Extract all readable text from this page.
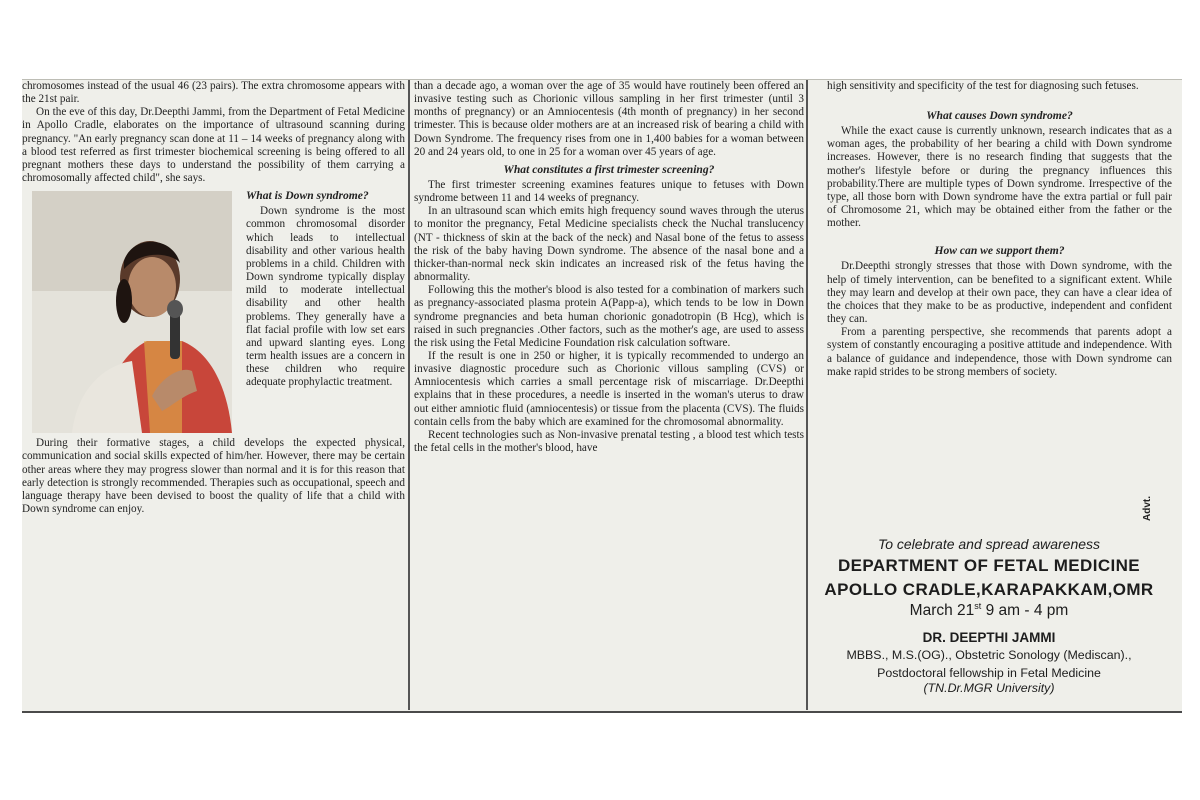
chromosomes instead of the usual 46 (23 pairs). The extra chromosome appears with the 21st pair.

On the eve of this day, Dr.Deepthi Jammi, from the Department of Fetal Medicine in Apollo Cradle, elaborates on the importance of ultrasound scanning during pregnancy. "An early pregnancy scan done at 11 – 14 weeks of pregnancy along with a blood test referred as first trimester biochemical screening is being offered to all pregnant mothers these days to understand the possibility of them carrying a chromosomally affected child", she says.

What is Down syndrome?

Down syndrome is the most common chromosomal disorder which leads to intellectual disability and other various health problems in a child. Children with Down syndrome typically display mild to moderate intellectual disability and other health problems. They generally have a flat facial profile with low set ears and upward slanting eyes. Long term health issues are a concern in these children who require adequate prophylactic treatment.

During their formative stages, a child develops the expected physical, communication and social skills expected of him/her. However, there may be certain other areas where they may progress slower than normal and it is for this reason that early detection is strongly recommended. Therapies such as occupational, speech and language therapy have been devised to boost the quality of life that a child with Down syndrome can enjoy.

than a decade ago, a woman over the age of 35 would have routinely been offered an invasive testing such as Chorionic villous sampling in her first trimester (until 3 months of pregnancy) or an Amniocentesis (4th month of pregnancy) in her second trimester. This is because older mothers are at an increased risk of bearing a child with Down Syndrome. The frequency rises from one in 1,400 babies for a woman between 20 and 24 years old, to one in 25 for a woman over 45 years of age.

What constitutes a first trimester screening?

The first trimester screening examines features unique to fetuses with Down syndrome between 11 and 14 weeks of pregnancy.

In an ultrasound scan which emits high frequency sound waves through the uterus to monitor the pregnancy, Fetal Medicine specialists check the Nuchal translucency (NT - thickness of skin at the back of the neck) and Nasal bone of the fetus to assess the risk of the baby having Down syndrome. The absence of the nasal bone and a thicker-than-normal neck skin indicates an increased risk of the fetus having the abnormality.

Following this the mother's blood is also tested for a combination of markers such as pregnancy-associated plasma protein A(Papp-a), which tends to be low in Down syndrome pregnancies and beta human chorionic gonadotropin (B Hcg), which is raised in such pregnancies .Other factors, such as the mother's age, are used to assess the risk using the Fetal Medicine Foundation risk calculation software.

If the result is one in 250 or higher, it is typically recommended to undergo an invasive diagnostic procedure such as Chorionic villous sampling (CVS) or Amniocentesis which carries a small percentage risk of miscarriage. Dr.Deepthi explains that in these procedures, a needle is inserted in the woman's uterus to draw out either amniotic fluid (amniocentesis) or tissue from the placenta (CVS). The fluids contain cells from the baby which are examined for the chromosomal abnormality.

Recent technologies such as Non-invasive prenatal testing , a blood test which tests the fetal cells in the mother's blood, have

high sensitivity and specificity of the test for diagnosing such fetuses.

What causes Down syndrome?

While the exact cause is currently unknown, research indicates that as a woman ages, the probability of her bearing a child with Down syndrome increases. However, there is no research finding that suggests that the mother's lifestyle before or during the pregnancy influences this probability.There are multiple types of Down syndrome. Irrespective of the type, all those born with Down syndrome have the extra partial or full pair of Chromosome 21, which may be obtained either from the father or the mother.

How can we support them?

Dr.Deepthi strongly stresses that those with Down syndrome, with the help of timely intervention, can be benefited to a significant extent. While they may learn and develop at their own pace, they can have a clear idea of the choices that they make to be as productive, independent and confident they can.

From a parenting perspective, she recommends that parents adopt a system of constantly encouraging a positive attitude and independence. With a balance of guidance and independence, those with Down syndrome can make rapid strides to be strong members of society.

Advt.
To celebrate and spread awareness
DEPARTMENT OF FETAL MEDICINE
APOLLO CRADLE,KARAPAKKAM,OMR
March 21st 9 am - 4 pm
DR. DEEPTHI JAMMI
MBBS., M.S.(OG)., Obstetric Sonology (Mediscan).,
Postdoctoral fellowship in Fetal Medicine
(TN.Dr.MGR University)
